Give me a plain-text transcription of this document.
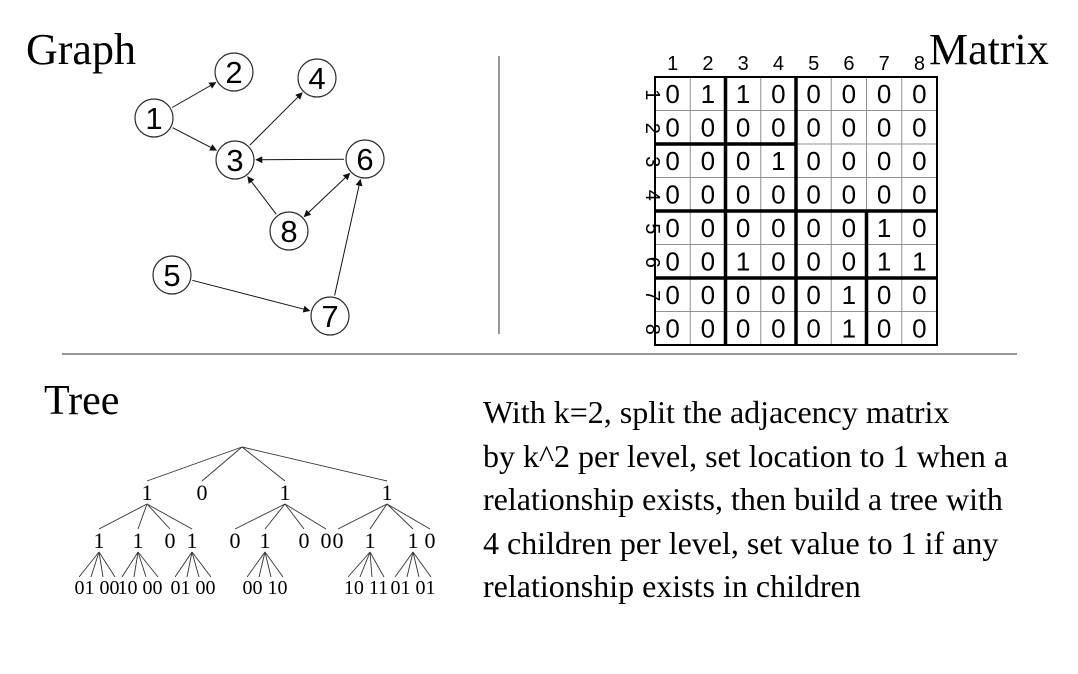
Graph	Matrix
Tree
1
2
3
4
5
6
7
8
1 2 3 4 5 6 7 8
1
2
3
4
5
6
7
8
0 1 1 0 0 0 0 0
0 0 0 0 0 0 0 0
0 0 0 1 0 0 0 0
0 0 0 0 0 0 0 0
0 0 0 0 0 0 1 0
0 0 1 0 0 0 1 1
0 0 0 0 0 1 0 0
0 0 0 0 0 1 0 0
1 0	1	1
1 1 0 1 0 1 0 0 0 1 1 0
01 00
10 00 01 00 00 10	10 11 01 01
With k=2, split the adjacency matrix
by k^2 per level, set location to 1 when a
relationship exists, then build a tree with
4 children per level, set value to 1 if any
relationship exists in children
